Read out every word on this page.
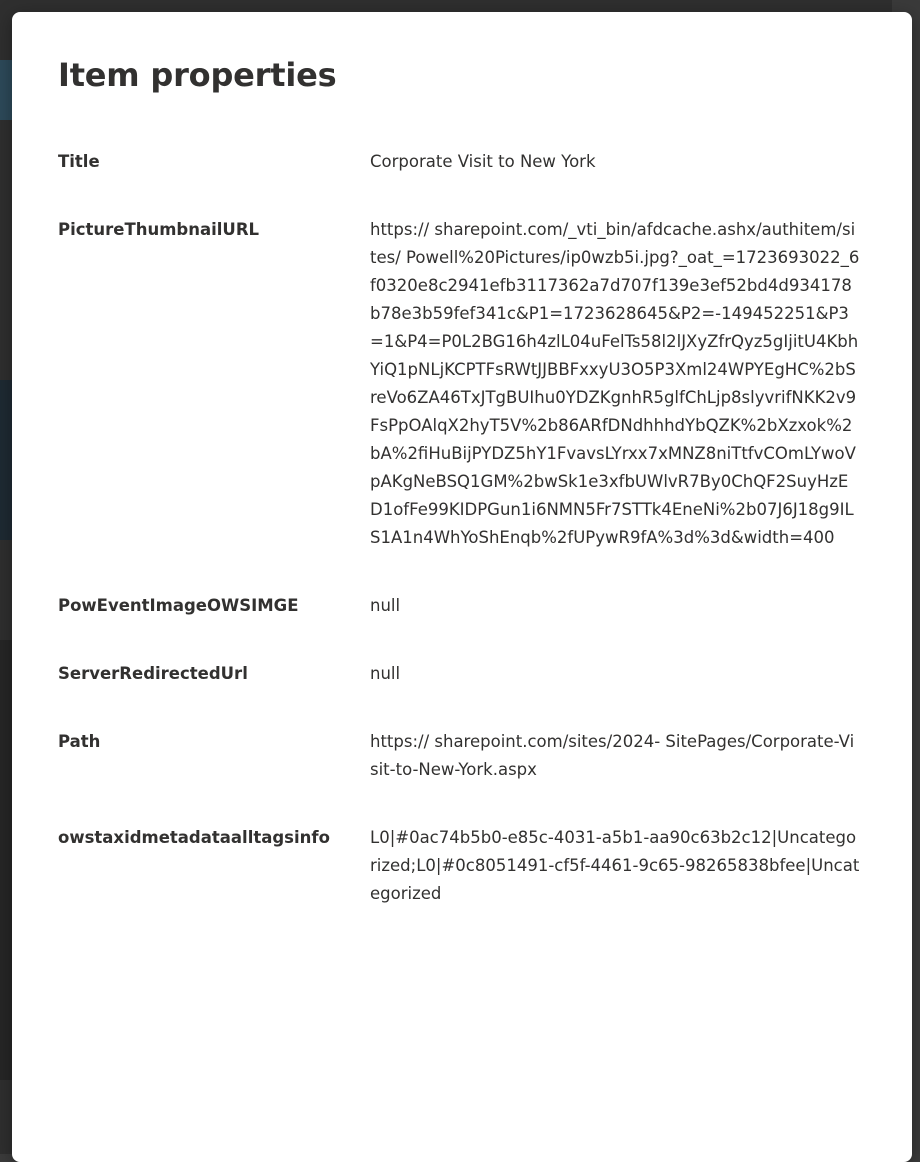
Item properties
Title	Corporate Visit to New York
PictureThumbnailURL	https:// sharepoint.com/_vti_bin/afdcache.ashx/authitem/sites/ Powell%20Pictures/ip0wzb5i.jpg?_oat_=1723693022_6f0320e8c2941efb3117362a7d707f139e3ef52bd4d934178b78e3b59fef341c&P1=1723628645&P2=-149452251&P3=1&P4=P0L2BG16h4zlL04uFelTs58l2lJXyZfrQyz5gIjitU4KbhYiQ1pNLjKCPTFsRWtJJBBFxxyU3O5P3Xml24WPYEgHC%2bSreVo6ZA46TxJTgBUIhu0YDZKgnhR5glfChLjp8slyvrifNKK2v9FsPpOAlqX2hyT5V%2b86ARfDNdhhhdYbQZK%2bXzxok%2bA%2fiHuBijPYDZ5hY1FvavsLYrxx7xMNZ8niTtfvCOmLYwoVpAKgNeBSQ1GM%2bwSk1e3xfbUWlvR7By0ChQF2SuyHzED1ofFe99KIDPGun1i6NMN5Fr7STTk4EneNi%2b07J6J18g9ILS1A1n4WhYoShEnqb%2fUPywR9fA%3d%3d&width=400
PowEventImageOWSIMGE	null
ServerRedirectedUrl	null
Path	https:// sharepoint.com/sites/2024- SitePages/Corporate-Visit-to-New-York.aspx
owstaxidmetadataalltagsinfo	L0|#0ac74b5b0-e85c-4031-a5b1-aa90c63b2c12|Uncategorized;L0|#0c8051491-cf5f-4461-9c65-98265838bfee|Uncategorized
